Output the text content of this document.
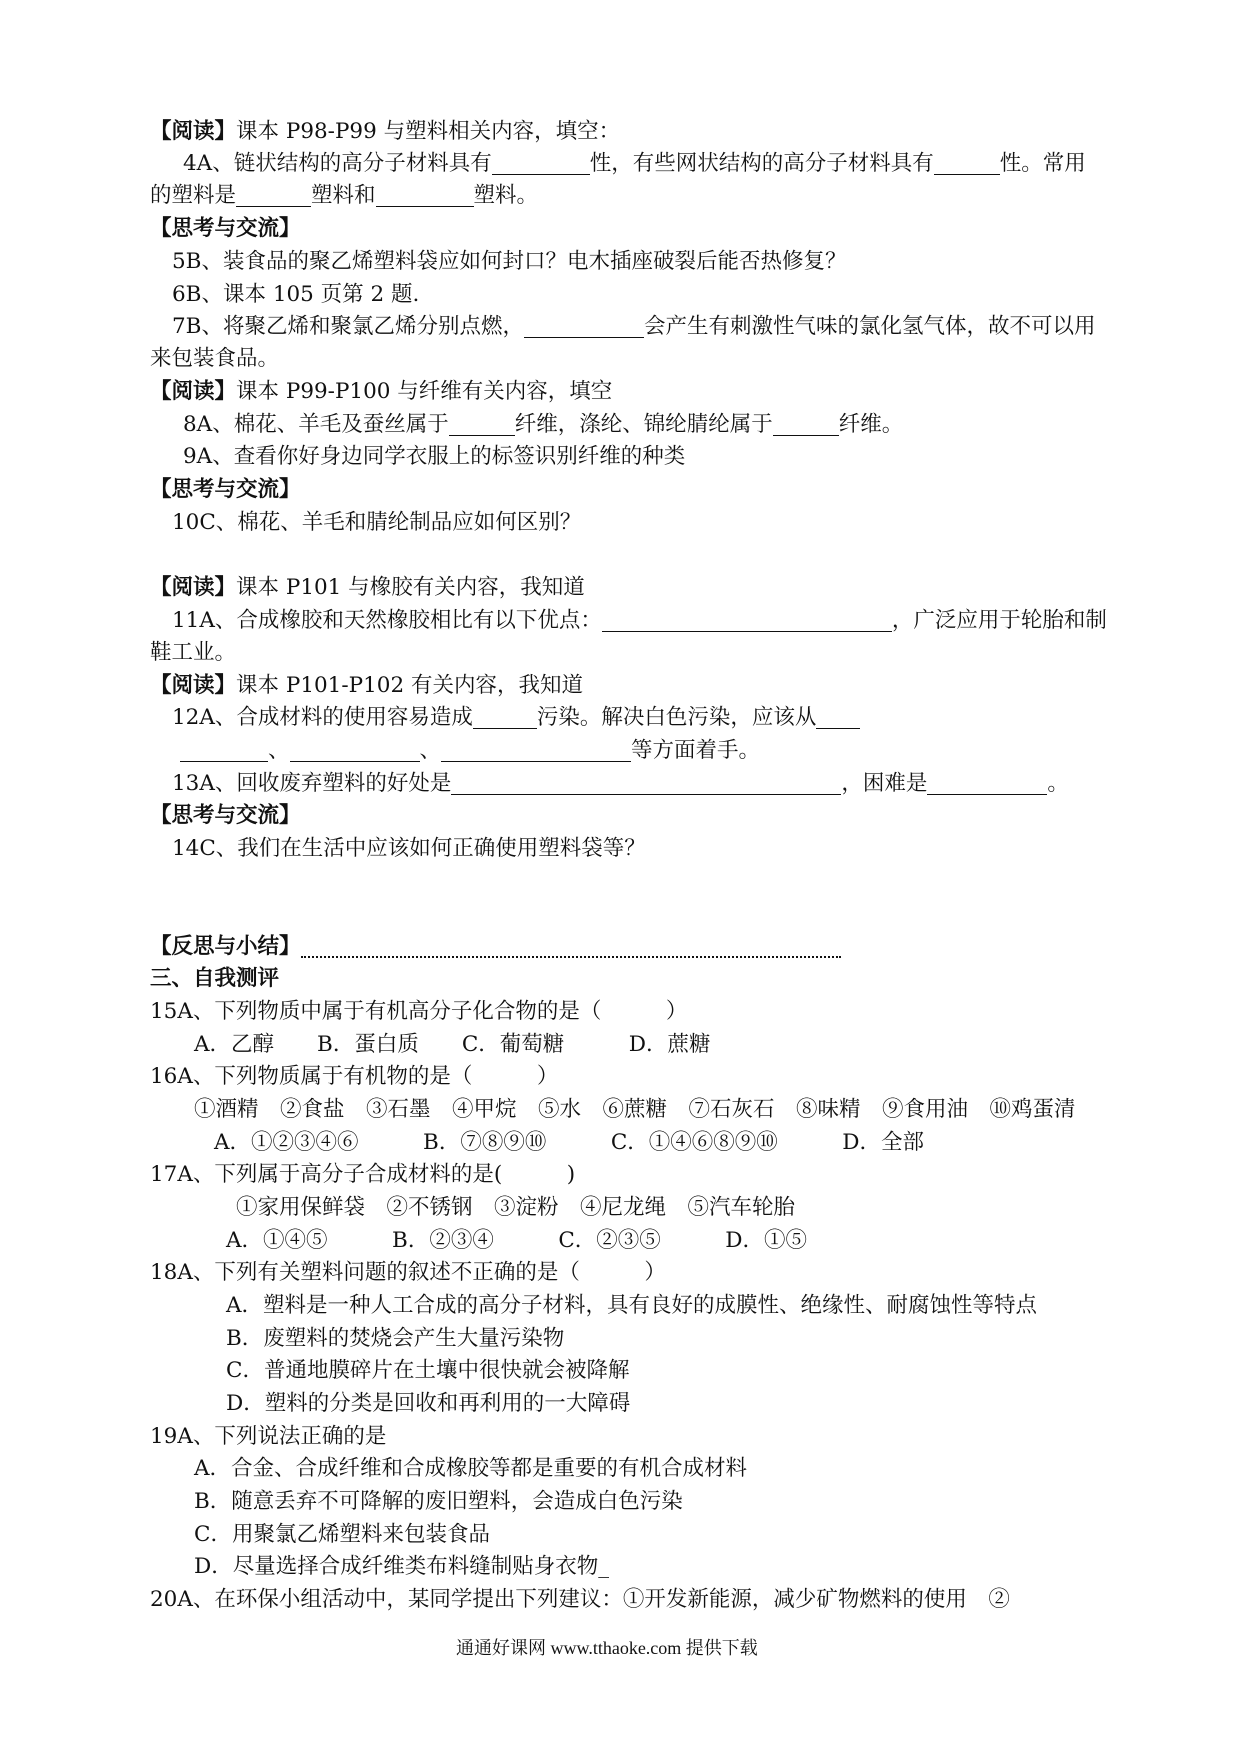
【阅读】课本 P98-P99 与塑料相关内容，填空：
4A、链状结构的高分子材料具有	性，有些网状结构的高分子材料具有	性。常用
的塑料是	塑料和	塑料。
【思考与交流】
5B、装食品的聚乙烯塑料袋应如何封口？电木插座破裂后能否热修复？
6B、课本 105 页第 2 题.
7B、将聚乙烯和聚氯乙烯分别点燃，	会产生有刺激性气味的氯化氢气体，故不可以用
来包装食品。
【阅读】课本 P99-P100 与纤维有关内容，填空
8A、棉花、羊毛及蚕丝属于	纤维，涤纶、锦纶腈纶属于	纤维。
9A、查看你好身边同学衣服上的标签识别纤维的种类
【思考与交流】
10C、棉花、羊毛和腈纶制品应如何区别？
【阅读】课本 P101 与橡胶有关内容，我知道
11A、合成橡胶和天然橡胶相比有以下优点：	，广泛应用于轮胎和制
鞋工业。
【阅读】课本 P101-P102 有关内容，我知道
12A、合成材料的使用容易造成	污染。解决白色污染，应该从
、	、	等方面着手。
13A、回收废弃塑料的好处是	，困难是	。
【思考与交流】
14C、我们在生活中应该如何正确使用塑料袋等？
【反思与小结】
三、自我测评
15A、下列物质中属于有机高分子化合物的是（　　　）
A．乙醇　　B．蛋白质　　C．葡萄糖　　　D．蔗糖
16A、下列物质属于有机物的是（　　　）
①酒精　②食盐　③石墨　④甲烷　⑤水　⑥蔗糖　⑦石灰石　⑧味精　⑨食用油　⑩鸡蛋清
A．①②③④⑥　　　B．⑦⑧⑨⑩　　　C．①④⑥⑧⑨⑩　　　D．全部
17A、下列属于高分子合成材料的是(　　　)
①家用保鲜袋　②不锈钢　③淀粉　④尼龙绳　⑤汽车轮胎
A．①④⑤　　　B．②③④　　　C．②③⑤　　　D．①⑤
18A、下列有关塑料问题的叙述不正确的是（　　　）
A．塑料是一种人工合成的高分子材料，具有良好的成膜性、绝缘性、耐腐蚀性等特点
B．废塑料的焚烧会产生大量污染物
C．普通地膜碎片在土壤中很快就会被降解
D．塑料的分类是回收和再利用的一大障碍
19A、下列说法正确的是
A．合金、合成纤维和合成橡胶等都是重要的有机合成材料
B．随意丢弃不可降解的废旧塑料，会造成白色污染
C．用聚氯乙烯塑料来包装食品
D．尽量选择合成纤维类布料缝制贴身衣物_
20A、在环保小组活动中，某同学提出下列建议：①开发新能源，减少矿物燃料的使用　②
通通好课网 www.tthaoke.com 提供下载
